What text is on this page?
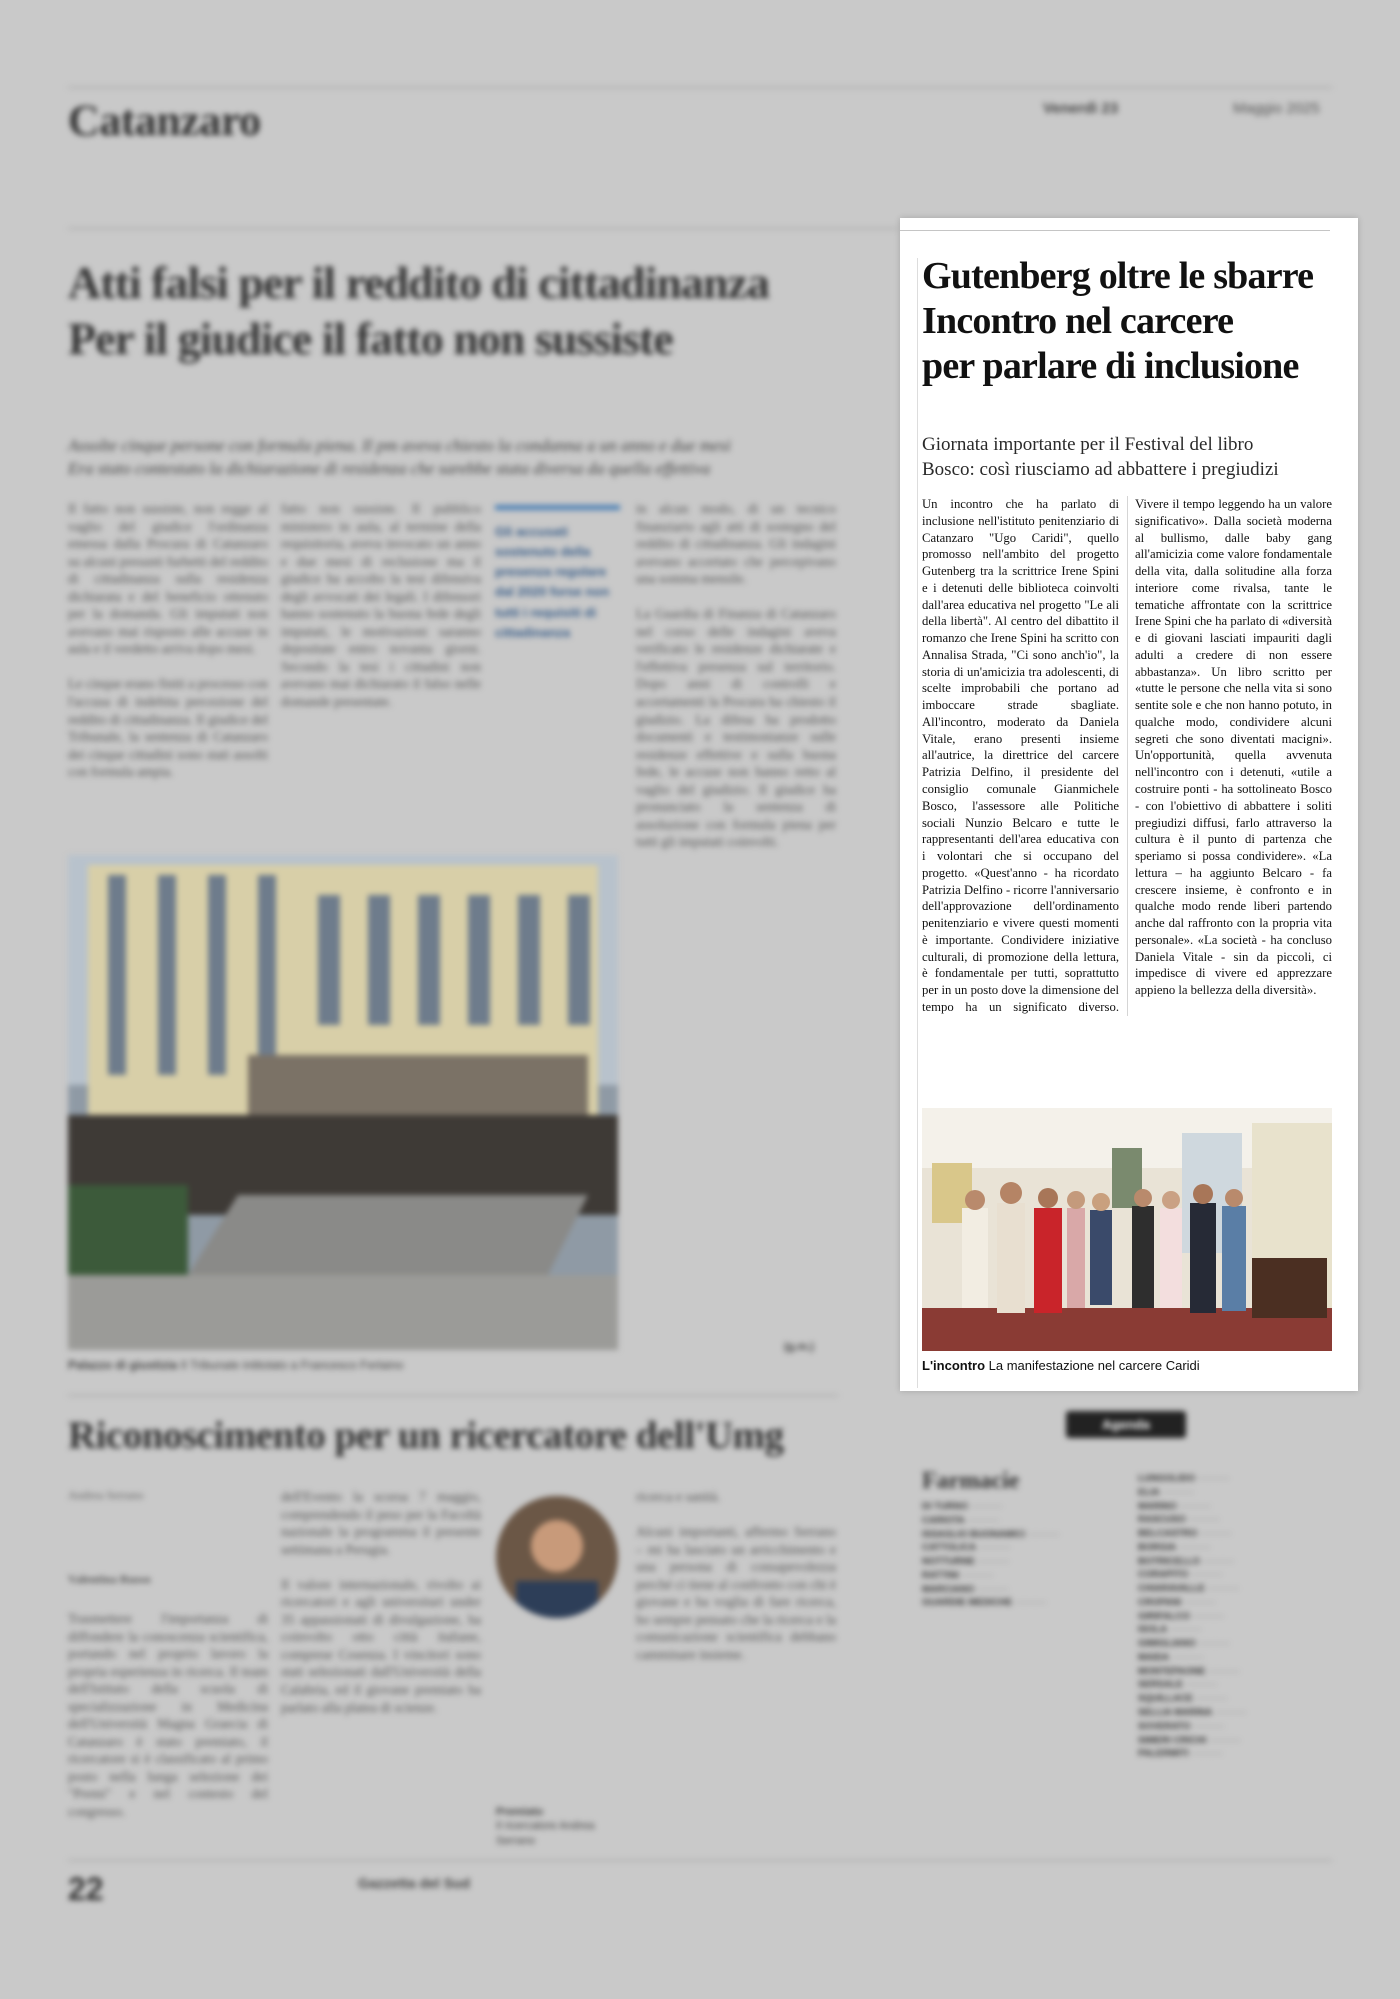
Catanzaro	Venerdì 23	Maggio 2025
Atti falsi per il reddito di cittadinanza
Per il giudice il fatto non sussiste
Assolte cinque persone con formula piena. Il pm aveva chiesto la condanna a un anno e due mesi
Era stato contestato la dichiarazione di residenza che sarebbe stata diversa da quella effettiva
Il fatto non sussiste, non regge al vaglio del giudice l'ordinanza emessa dalla Procura di Catanzaro su alcuni presunti furbetti del reddito di cittadinanza sulla residenza dichiarata e del beneficio ottenuto per la domanda. Gli imputati non avevano mai risposto alle accuse in aula e il verdetto arriva dopo mesi.

Le cinque erano finiti a processo con l'accusa di indebita percezione del reddito di cittadinanza. Il giudice del Tribunale, la sentenza di Catanzaro dei cinque cittadini sono stati assolti con formula ampia.
fatto non sussiste. Il pubblico ministero in aula, al termine della requisitoria, aveva invocato un anno e due mesi di reclusione ma il giudice ha accolto la tesi difensiva degli avvocati dei legali. I difensori hanno sostenuto la buona fede degli imputati, le motivazioni saranno depositate entro novanta giorni. Secondo la tesi i cittadini non avevano mai dichiarato il falso nelle domande presentate.
Gli accusati sostenuto della presenza regolare dal 2020 forse non tutti i requisiti di cittadinanza
in alcun modo, di un tecnico finanziario agli atti di sostegno del reddito di cittadinanza. Gli indagini avevano accertato che percepivano una somma mensile.

La Guardia di Finanza di Catanzaro nel corso delle indagini aveva verificato le residenze dichiarate e l'effettiva presenza sul territorio. Dopo anni di controlli e accertamenti la Procura ha chiesto il giudizio. La difesa ha prodotto documenti e testimonianze sulle residenze effettive e sulla buona fede, le accuse non hanno retto al vaglio del giudizio. Il giudice ha pronunciato la sentenza di assoluzione con formula piena per tutti gli imputati coinvolti.
Palazzo di giustizia Il Tribunale intitolato a Francesco Ferlaino
(g.m.)
Riconoscimento per un ricercatore dell'Umg
Andrea Serrano
Valentina Russo
Trasmettere l'importanza di diffondere la conoscenza scientifica, portando nel proprio lavoro la propria esperienza in ricerca. Il team dell'Istituto della scuola di specializzazione in Medicina dell'Università Magna Graecia di Catanzaro è stato premiato, il ricercatore si è classificato al primo posto nella lunga selezione dei "Premi" e nel contesto del congresso.
dell'Evento la scorsa 7 maggio, comprendendo il peso per la Facoltà nazionale la programma il presente settimana a Perugia.

Il valore internazionale, rivolto ai ricercatori e agli universitari under 35 appassionati di divulgazione, ha coinvolto otto città italiane, comprese Cosenza. I vincitori sono stati selezionati dall'Università della Calabria, ed il giovane premiato ha parlato alla platea di scienze.
Premiato
Il ricercatore Andrea Serrano
ricerca e sanità.

Alcuni importanti, affermo Serrano – mi ha lasciato un arricchimento e una persona di consapevolezza perché ci tiene al confronto con chi è giovane e ha voglia di fare ricerca, ho sempre pensato che la ricerca e la comunicazione scientifica debbano camminare insieme.
22	Gazzetta del Sud
Agenda
Farmacie
DI TURNO ··········
CARIOTA ··········
ISSAGLIO BUONAMICI ··········
CATTOLICA ··········
NOTTURNE ··········
RATTINI ··········
MARCIANO ··········
GUARDIE MEDICHE ··········
LUNGOLIDO ··········
ELIA ··········
MARINO ··········
RASCUSO ··········
BELCASTRO ··········
BORGIA ··········
BOTRICELLO ··········
CORAPITO ··········
CHIARAVALLE ··········
CROPANI ··········
GIRIFALCO ··········
ISOLA ··········
GIMIGLIANO ··········
MAIDA ··········
MONTEPAONE ··········
SERSALE ··········
SQUILLACE ··········
SELLIA MARINA ··········
SOVERATO ··········
SIMERI CRICHI ··········
PALERMITI ··········
Gutenberg oltre le sbarre
Incontro nel carcere
per parlare di inclusione
Giornata importante per il Festival del libro
Bosco: così riusciamo ad abbattere i pregiudizi
Un incontro che ha parlato di inclusione nell'istituto penitenziario di Catanzaro "Ugo Caridi", quello promosso nell'ambito del progetto Gutenberg tra la scrittrice Irene Spini e i detenuti delle biblioteca coinvolti dall'area educativa nel progetto "Le ali della libertà". Al centro del dibattito il romanzo che Irene Spini ha scritto con Annalisa Strada, "Ci sono anch'io", la storia di un'amicizia tra adolescenti, di scelte improbabili che portano ad imboccare strade sbagliate. All'incontro, moderato da Daniela Vitale, erano presenti insieme all'autrice, la direttrice del carcere Patrizia Delfino, il presidente del consiglio comunale Gianmichele Bosco, l'assessore alle Politiche sociali Nunzio Belcaro e tutte le rappresentanti dell'area educativa con i volontari che si occupano del progetto. «Quest'anno - ha ricordato Patrizia Delfino - ricorre l'anniversario dell'approvazione dell'ordinamento penitenziario e vivere questi momenti è importante. Condividere iniziative culturali, di promozione della lettura, è fondamentale per tutti, soprattutto per in un posto dove la dimensione del tempo ha un significato diverso. Vivere il tempo leggendo ha un valore significativo». Dalla società moderna al bullismo, dalle baby gang all'amicizia come valore fondamentale della vita, dalla solitudine alla forza interiore come rivalsa, tante le tematiche affrontate con la scrittrice Irene Spini che ha parlato di «diversità e di giovani lasciati impauriti dagli adulti a credere di non essere abbastanza». Un libro scritto per «tutte le persone che nella vita si sono sentite sole e che non hanno potuto, in qualche modo, condividere alcuni segreti che sono diventati macigni». Un'opportunità, quella avvenuta nell'incontro con i detenuti, «utile a costruire ponti - ha sottolineato Bosco - con l'obiettivo di abbattere i soliti pregiudizi diffusi, farlo attraverso la cultura è il punto di partenza che speriamo si possa condividere». «La lettura – ha aggiunto Belcaro - fa crescere insieme, è confronto e in qualche modo rende liberi partendo anche dal raffronto con la propria vita personale». «La società - ha concluso Daniela Vitale - sin da piccoli, ci impedisce di vivere ed apprezzare appieno la bellezza della diversità».
L'incontro La manifestazione nel carcere Caridi
